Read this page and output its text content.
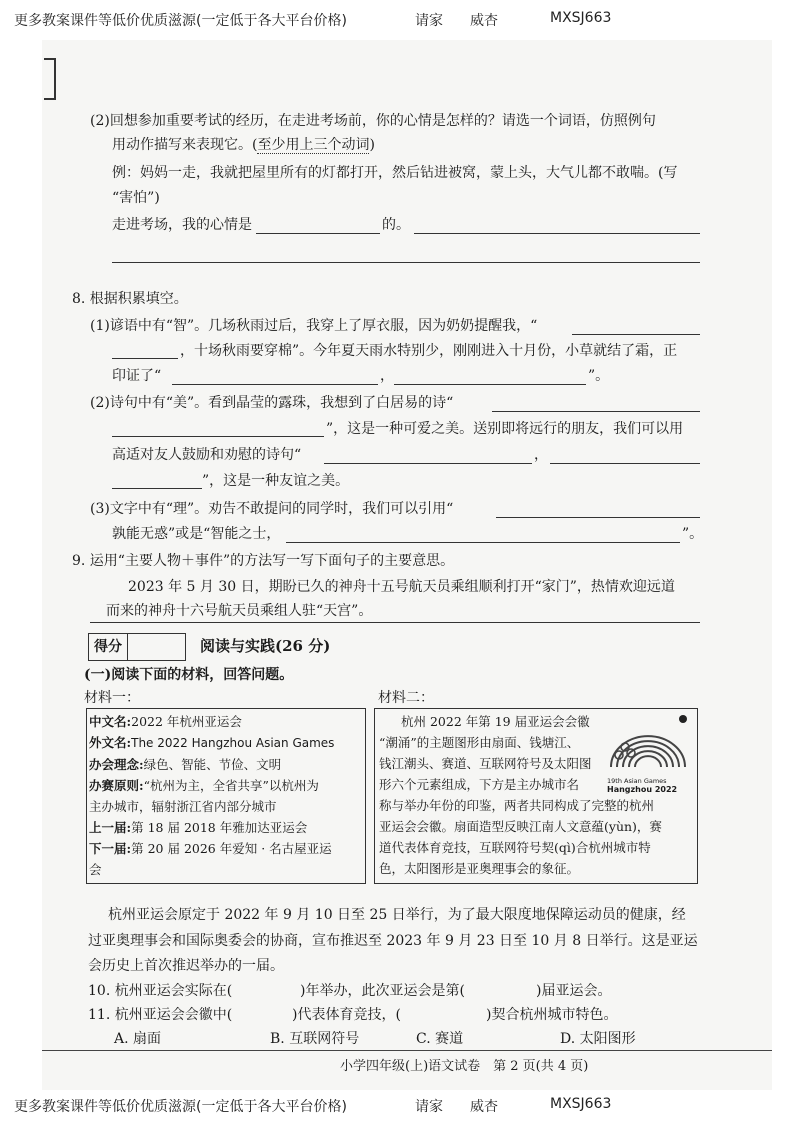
更多教案课件等低价优质滋源(一定低于各大平台价格)	请家 威杏	MXSJ663
(2)回想参加重要考试的经历，在走进考场前，你的心情是怎样的？请选一个词语，仿照例句
用动作描写来表现它。(至少用上三个动词)
例：妈妈一走，我就把屋里所有的灯都打开，然后钻进被窝，蒙上头，大气儿都不敢喘。(写
“害怕”)
走进考场，我的心情是	的。
8. 根据积累填空。
(1)谚语中有“智”。几场秋雨过后，我穿上了厚衣服，因为奶奶提醒我，“
，十场秋雨要穿棉”。今年夏天雨水特别少，刚刚进入十月份，小草就结了霜，正
印证了“	，	”。
(2)诗句中有“美”。看到晶莹的露珠，我想到了白居易的诗“
”，这是一种可爱之美。送别即将远行的朋友，我们可以用
高适对友人鼓励和劝慰的诗句“	，
”，这是一种友谊之美。
(3)文字中有“理”。劝告不敢提问的同学时，我们可以引用“
孰能无惑”或是“智能之士，	”。
9. 运用“主要人物＋事件”的方法写一写下面句子的主要意思。
2023 年 5 月 30 日，期盼已久的神舟十五号航天员乘组顺利打开“家门”，热情欢迎远道
而来的神舟十六号航天员乘组人驻“天宫”。
得分	阅读与实践(26 分)
(一)阅读下面的材料，回答问题。
材料一：	材料二：
中文名:2022 年杭州亚运会
外文名:The 2022 Hangzhou Asian Games
办会理念:绿色、智能、节俭、文明
办赛原则:“杭州为主，全省共享”以杭州为
主办城市，辐射浙江省内部分城市
上一届:第 18 届 2018 年雅加达亚运会
下一届:第 20 届 2026 年爱知 · 名古屋亚运
会
杭州 2022 年第 19 届亚运会会徽
“潮涌”的主题图形由扇面、钱塘江、
钱江潮头、赛道、互联网符号及太阳图
形六个元素组成，下方是主办城市名
称与举办年份的印鉴，两者共同构成了完整的杭州
亚运会会徽。扇面造型反映江南人文意蕴(yùn)，赛
道代表体育竞技，互联网符号契(qì)合杭州城市特
色，太阳图形是亚奥理事会的象征。
19th Asian Games
Hangzhou 2022
杭州亚运会原定于 2022 年 9 月 10 日至 25 日举行，为了最大限度地保障运动员的健康，经
过亚奥理事会和国际奥委会的协商，宣布推迟至 2023 年 9 月 23 日至 10 月 8 日举行。这是亚运
会历史上首次推迟举办的一届。
10. 杭州亚运会实际在(	)年举办，此次亚运会是第(	)届亚运会。
11. 杭州亚运会会徽中(	)代表体育竞技，(	)契合杭州城市特色。
A. 扇面	B. 互联网符号	C. 赛道	D. 太阳图形
小学四年级(上)语文试卷　第 2 页(共 4 页)
更多教案课件等低价优质滋源(一定低于各大平台价格)	请家 威杏	MXSJ663
